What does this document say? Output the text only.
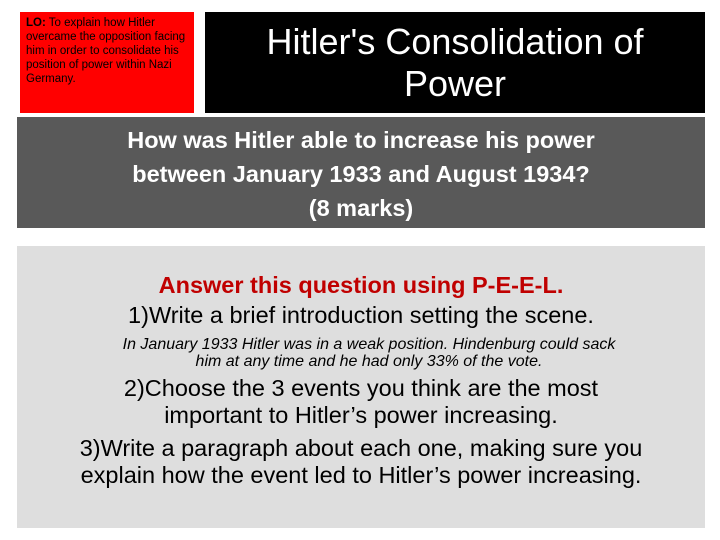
LO: To explain how Hitler overcame the opposition facing him in order to consolidate his position of power within Nazi Germany.
Hitler's Consolidation of
Power
How was Hitler able to increase his power
between January 1933 and August 1934?
(8 marks)
Answer this question using P-E-E-L.
1)Write a brief introduction setting the scene.
In January 1933 Hitler was in a weak position. Hindenburg could sack
him at any time and he had only 33% of the vote.
2)Choose the 3 events you think are the most
important to Hitler’s power increasing.
3)Write a paragraph about each one, making sure you
explain how the event led to Hitler’s power increasing.
